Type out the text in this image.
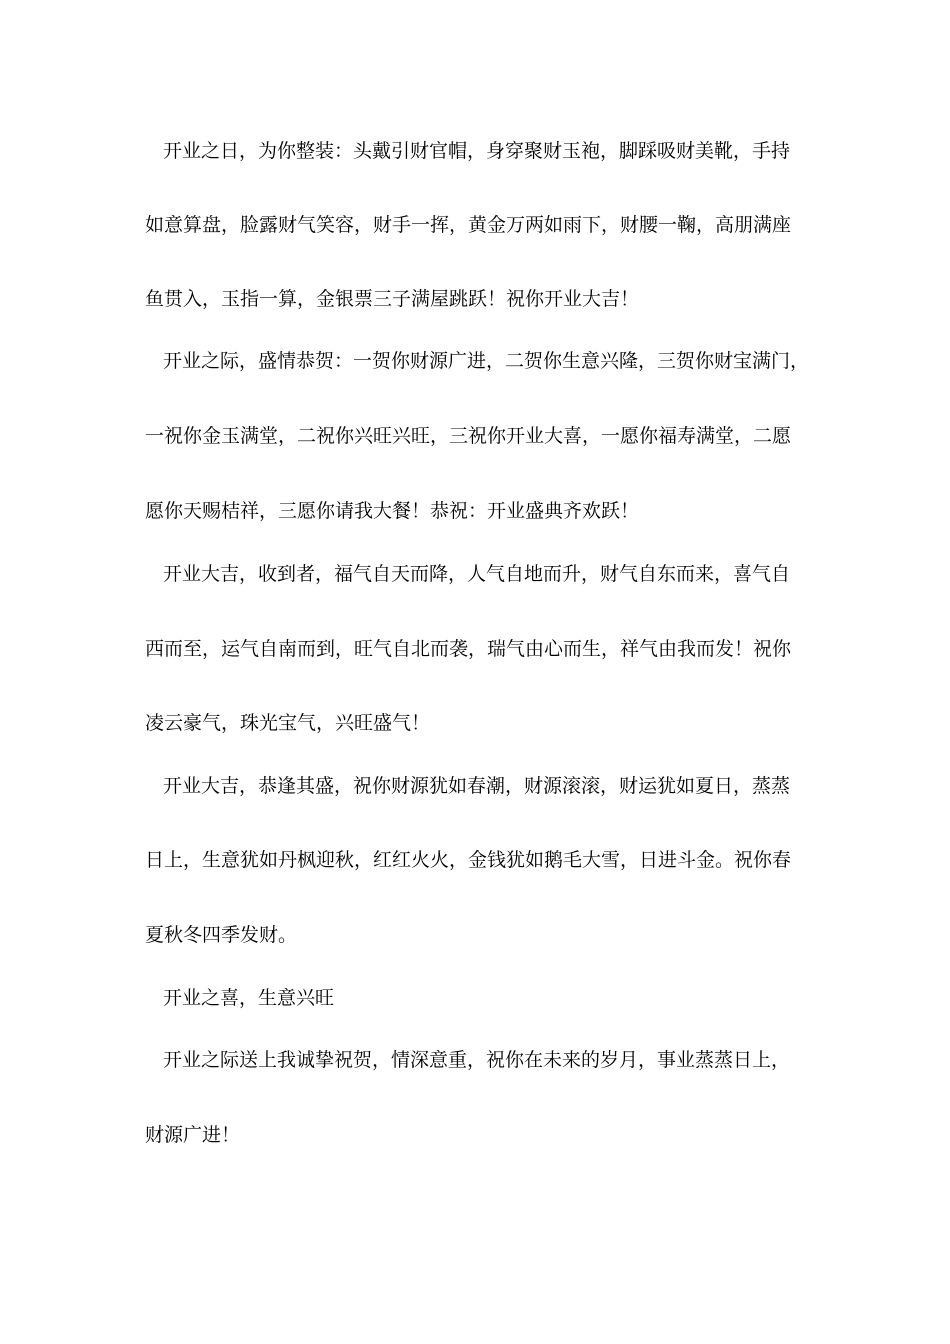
开业之日，为你整装：头戴引财官帽，身穿聚财玉袍，脚踩吸财美靴，手持
如意算盘，脸露财气笑容，财手一挥，黄金万两如雨下，财腰一鞠，高朋满座
鱼贯入，玉指一算，金银票三子满屋跳跃！祝你开业大吉！
开业之际，盛情恭贺：一贺你财源广进，二贺你生意兴隆，三贺你财宝满门，
一祝你金玉满堂，二祝你兴旺兴旺，三祝你开业大喜，一愿你福寿满堂，二愿
愿你天赐桔祥，三愿你请我大餐！恭祝：开业盛典齐欢跃！
开业大吉，收到者，福气自天而降，人气自地而升，财气自东而来，喜气自
西而至，运气自南而到，旺气自北而袭，瑞气由心而生，祥气由我而发！祝你
凌云豪气，珠光宝气，兴旺盛气！
开业大吉，恭逢其盛，祝你财源犹如春潮，财源滚滚，财运犹如夏日，蒸蒸
日上，生意犹如丹枫迎秋，红红火火，金钱犹如鹅毛大雪，日进斗金。祝你春
夏秋冬四季发财。
开业之喜，生意兴旺
开业之际送上我诚挚祝贺，情深意重，祝你在未来的岁月，事业蒸蒸日上，
财源广进！
